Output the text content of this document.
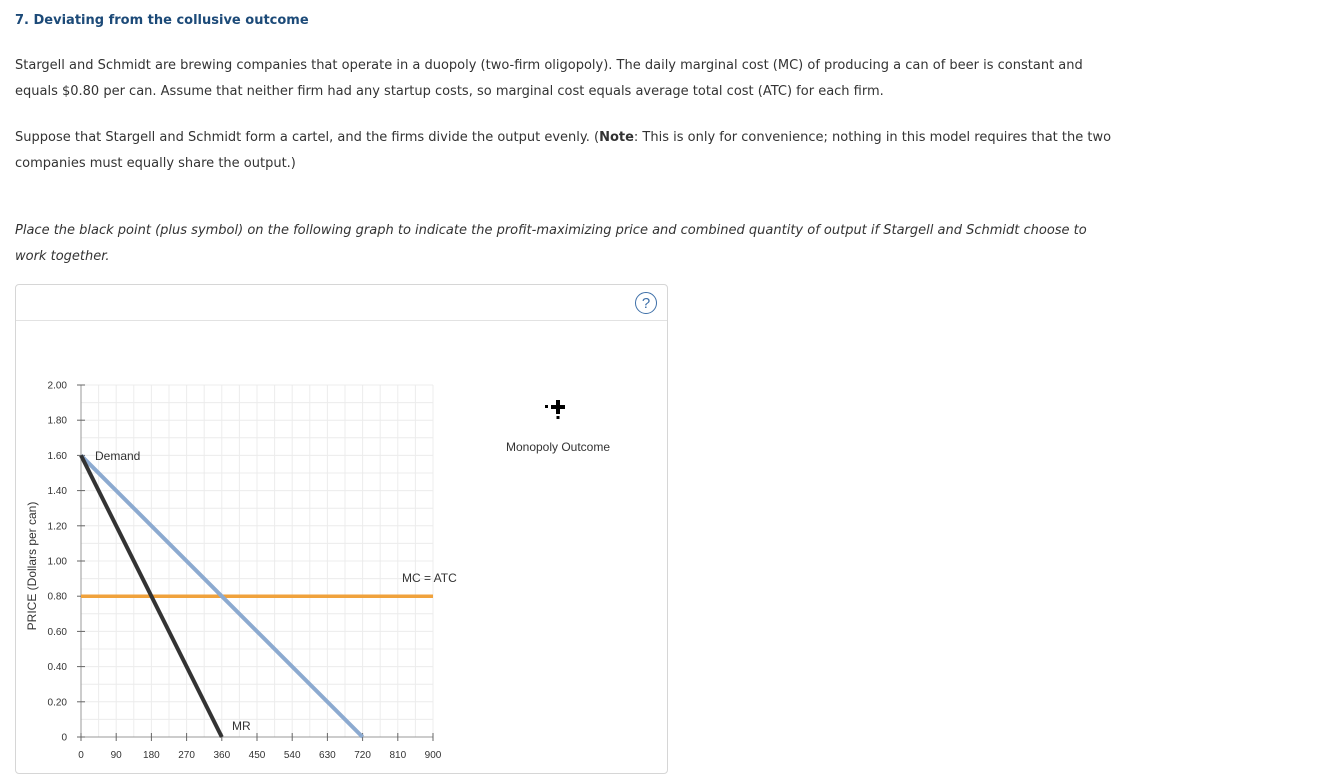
7. Deviating from the collusive outcome
Stargell and Schmidt are brewing companies that operate in a duopoly (two-firm oligopoly). The daily marginal cost (MC) of producing a can of beer is constant and equals $0.80 per can. Assume that neither firm had any startup costs, so marginal cost equals average total cost (ATC) for each firm.
Suppose that Stargell and Schmidt form a cartel, and the firms divide the output evenly. (Note: This is only for convenience; nothing in this model requires that the two companies must equally share the output.)
Place the black point (plus symbol) on the following graph to indicate the profit-maximizing price and combined quantity of output if Stargell and Schmidt choose to work together.
?
0
0.20
0.40
0.60
0.80
1.00
1.20
1.40
1.60
1.80
2.00
0	90 180 270 360 450 540 630 720 810 900
PRICE (Dollars per can)
Demand
MR
MC = ATC
Monopoly Outcome
